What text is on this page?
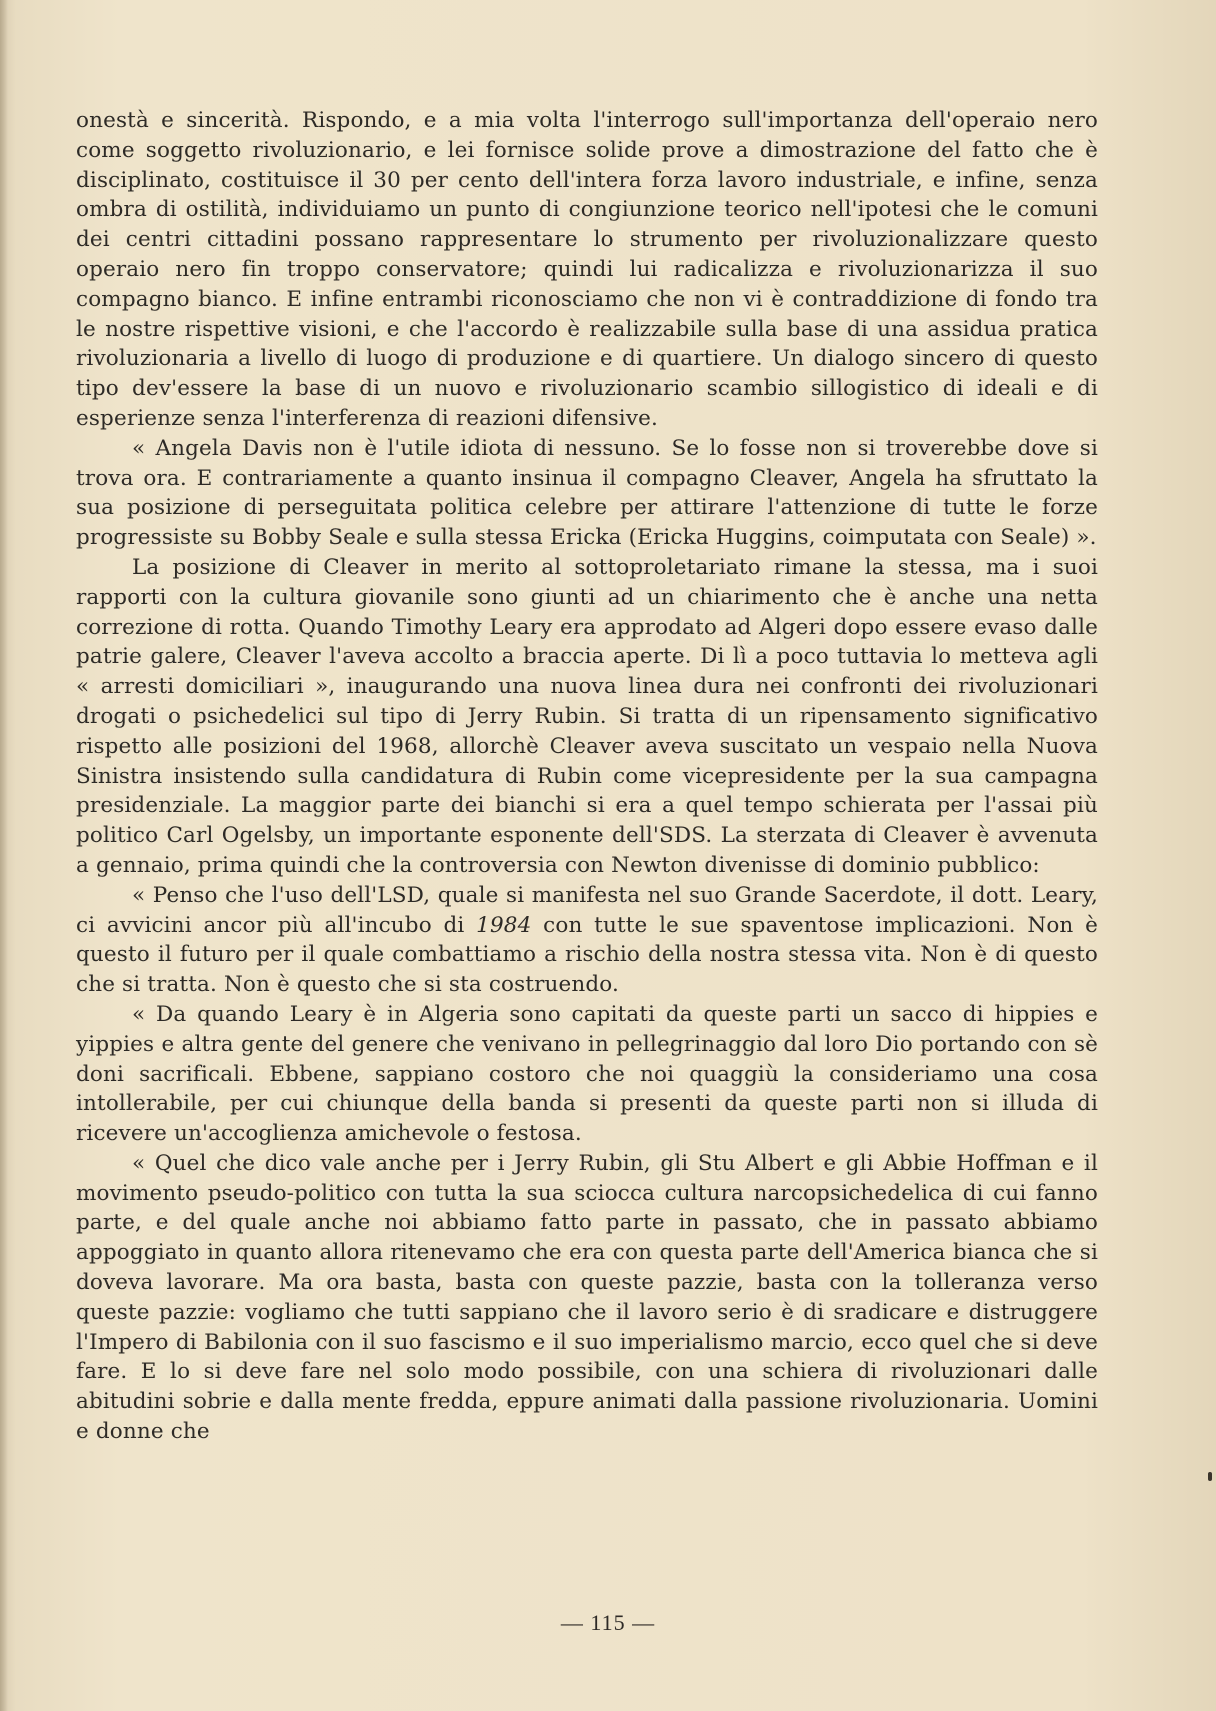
onestà e sincerità. Rispondo, e a mia volta l'interrogo sull'importanza dell'operaio nero come soggetto rivoluzionario, e lei fornisce solide prove a dimostrazione del fatto che è disciplinato, costituisce il 30 per cento dell'intera forza lavoro industriale, e infine, senza ombra di ostilità, individuiamo un punto di congiunzione teorico nell'ipotesi che le comuni dei centri cittadini possano rappresentare lo strumento per rivoluzionalizzare questo operaio nero fin troppo conservatore; quindi lui radicalizza e rivoluzionarizza il suo compagno bianco. E infine entrambi riconosciamo che non vi è contraddizione di fondo tra le nostre rispettive visioni, e che l'accordo è realizzabile sulla base di una assidua pratica rivoluzionaria a livello di luogo di produzione e di quartiere. Un dialogo sincero di questo tipo dev'essere la base di un nuovo e rivoluzionario scambio sillogistico di ideali e di esperienze senza l'interferenza di reazioni difensive.

« Angela Davis non è l'utile idiota di nessuno. Se lo fosse non si troverebbe dove si trova ora. E contrariamente a quanto insinua il compagno Cleaver, Angela ha sfruttato la sua posizione di perseguitata politica celebre per attirare l'attenzione di tutte le forze progressiste su Bobby Seale e sulla stessa Ericka (Ericka Huggins, coimputata con Seale) ».

La posizione di Cleaver in merito al sottoproletariato rimane la stessa, ma i suoi rapporti con la cultura giovanile sono giunti ad un chiarimento che è anche una netta correzione di rotta. Quando Timothy Leary era approdato ad Algeri dopo essere evaso dalle patrie galere, Cleaver l'aveva accolto a braccia aperte. Di lì a poco tuttavia lo metteva agli « arresti domiciliari », inaugurando una nuova linea dura nei confronti dei rivoluzionari drogati o psichedelici sul tipo di Jerry Rubin. Si tratta di un ripensamento significativo rispetto alle posizioni del 1968, allorchè Cleaver aveva suscitato un vespaio nella Nuova Sinistra insistendo sulla candidatura di Rubin come vicepresidente per la sua campagna presidenziale. La maggior parte dei bianchi si era a quel tempo schierata per l'assai più politico Carl Ogelsby, un importante esponente dell'SDS. La sterzata di Cleaver è avvenuta a gennaio, prima quindi che la controversia con Newton divenisse di dominio pubblico:

« Penso che l'uso dell'LSD, quale si manifesta nel suo Grande Sacerdote, il dott. Leary, ci avvicini ancor più all'incubo di 1984 con tutte le sue spaventose implicazioni. Non è questo il futuro per il quale combattiamo a rischio della nostra stessa vita. Non è di questo che si tratta. Non è questo che si sta costruendo.

« Da quando Leary è in Algeria sono capitati da queste parti un sacco di hippies e yippies e altra gente del genere che venivano in pellegrinaggio dal loro Dio portando con sè doni sacrificali. Ebbene, sappiano costoro che noi quaggiù la consideriamo una cosa intollerabile, per cui chiunque della banda si presenti da queste parti non si illuda di ricevere un'accoglienza amichevole o festosa.

« Quel che dico vale anche per i Jerry Rubin, gli Stu Albert e gli Abbie Hoffman e il movimento pseudo-politico con tutta la sua sciocca cultura narcopsichedelica di cui fanno parte, e del quale anche noi abbiamo fatto parte in passato, che in passato abbiamo appoggiato in quanto allora ritenevamo che era con questa parte dell'America bianca che si doveva lavorare. Ma ora basta, basta con queste pazzie, basta con la tolleranza verso queste pazzie: vogliamo che tutti sappiano che il lavoro serio è di sradicare e distruggere l'Impero di Babilonia con il suo fascismo e il suo imperialismo marcio, ecco quel che si deve fare. E lo si deve fare nel solo modo possibile, con una schiera di rivoluzionari dalle abitudini sobrie e dalla mente fredda, eppure animati dalla passione rivoluzionaria. Uomini e donne che

— 115 —
